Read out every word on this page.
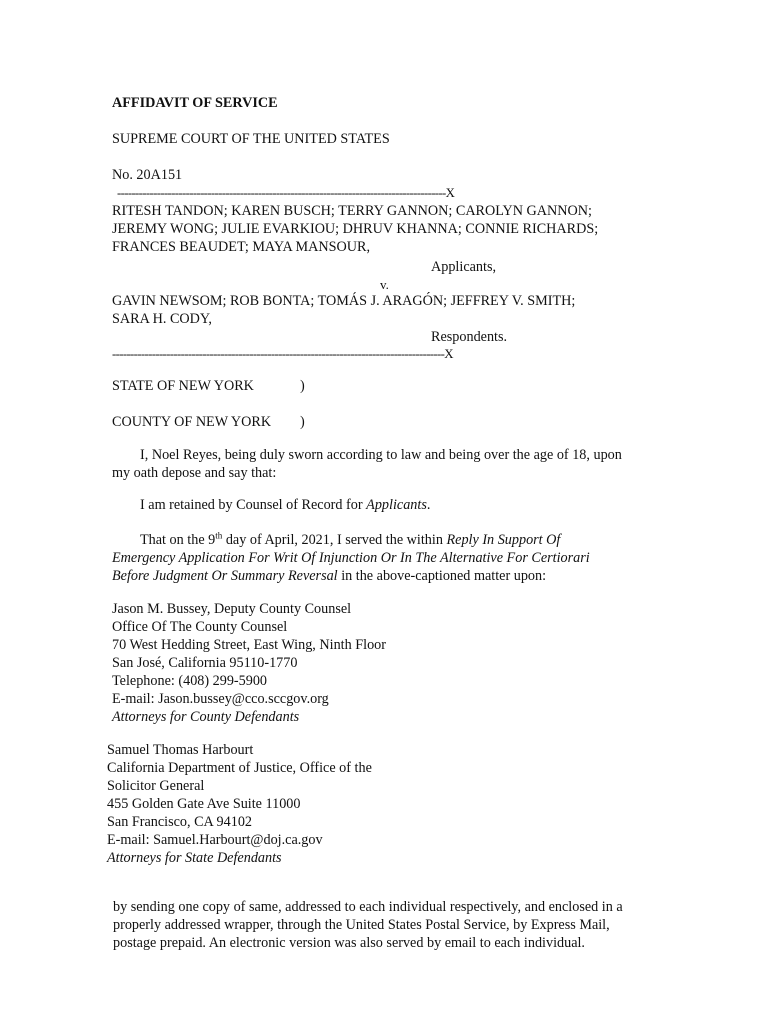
AFFIDAVIT OF SERVICE
SUPREME COURT OF THE UNITED STATES
No. 20A151
-------------------------------------------------------------------------------------------X
RITESH TANDON; KAREN BUSCH; TERRY GANNON; CAROLYN GANNON;
JEREMY WONG; JULIE EVARKIOU; DHRUV KHANNA; CONNIE RICHARDS;
FRANCES BEAUDET; MAYA MANSOUR,
Applicants,
v.
GAVIN NEWSOM; ROB BONTA; TOMÁS J. ARAGÓN; JEFFREY V. SMITH;
SARA H. CODY,
Respondents.
--------------------------------------------------------------------------------------------X
STATE OF NEW YORK	)
COUNTY OF NEW YORK )
I, Noel Reyes, being duly sworn according to law and being over the age of 18, upon
my oath depose and say that:
I am retained by Counsel of Record for Applicants.
That on the 9th day of April, 2021, I served the within Reply In Support Of
Emergency Application For Writ Of Injunction Or In The Alternative For Certiorari
Before Judgment Or Summary Reversal in the above-captioned matter upon:
Jason M. Bussey, Deputy County Counsel
Office Of The County Counsel
70 West Hedding Street, East Wing, Ninth Floor
San José, California 95110-1770
Telephone: (408) 299-5900
E-mail: Jason.bussey@cco.sccgov.org
Attorneys for County Defendants
Samuel Thomas Harbourt
California Department of Justice, Office of the
Solicitor General
455 Golden Gate Ave Suite 11000
San Francisco, CA 94102
E-mail: Samuel.Harbourt@doj.ca.gov
Attorneys for State Defendants
by sending one copy of same, addressed to each individual respectively, and enclosed in a
properly addressed wrapper, through the United States Postal Service, by Express Mail,
postage prepaid. An electronic version was also served by email to each individual.
